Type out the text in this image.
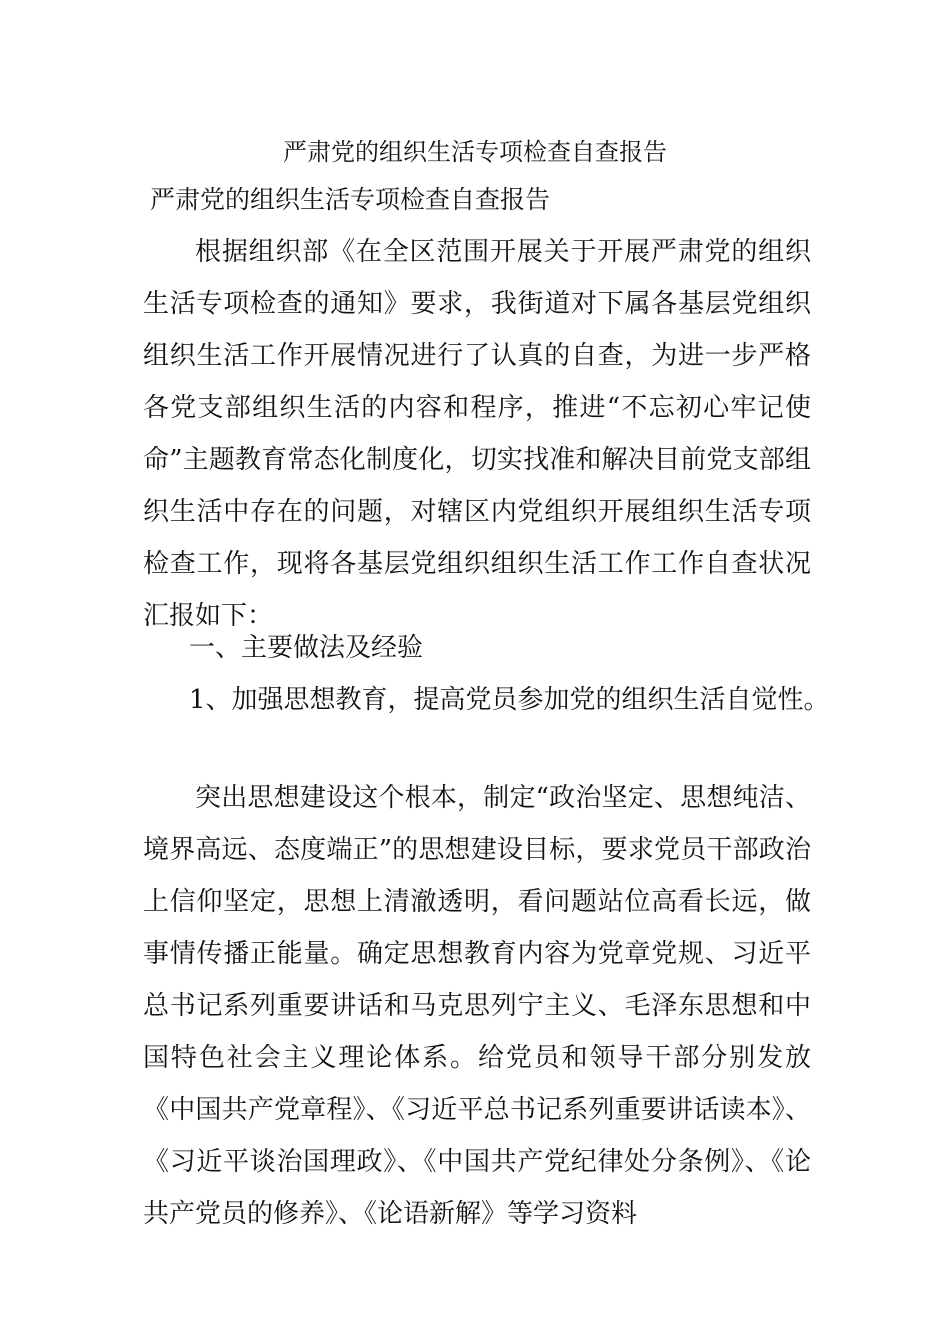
严肃党的组织生活专项检查自查报告
严肃党的组织生活专项检查自查报告
根据组织部《在全区范围开展关于开展严肃党的组织生活专项检查的通知》要求，我街道对下属各基层党组织组织生活工作开展情况进行了认真的自查，为进一步严格各党支部组织生活的内容和程序，推进“不忘初心牢记使命”主题教育常态化制度化，切实找准和解决目前党支部组织生活中存在的问题，对辖区内党组织开展组织生活专项检查工作，现将各基层党组织组织生活工作工作自查状况汇报如下：
一、主要做法及经验
1、加强思想教育，提高党员参加党的组织生活自觉性。
突出思想建设这个根本，制定“政治坚定、思想纯洁、境界高远、态度端正”的思想建设目标，要求党员干部政治上信仰坚定，思想上清澈透明，看问题站位高看长远，做事情传播正能量。确定思想教育内容为党章党规、习近平总书记系列重要讲话和马克思列宁主义、毛泽东思想和中国特色社会主义理论体系。给党员和领导干部分别发放《中国共产党章程》、《习近平总书记系列重要讲话读本》、《习近平谈治国理政》、《中国共产党纪律处分条例》、《论共产党员的修养》、《论语新解》等学习资料
